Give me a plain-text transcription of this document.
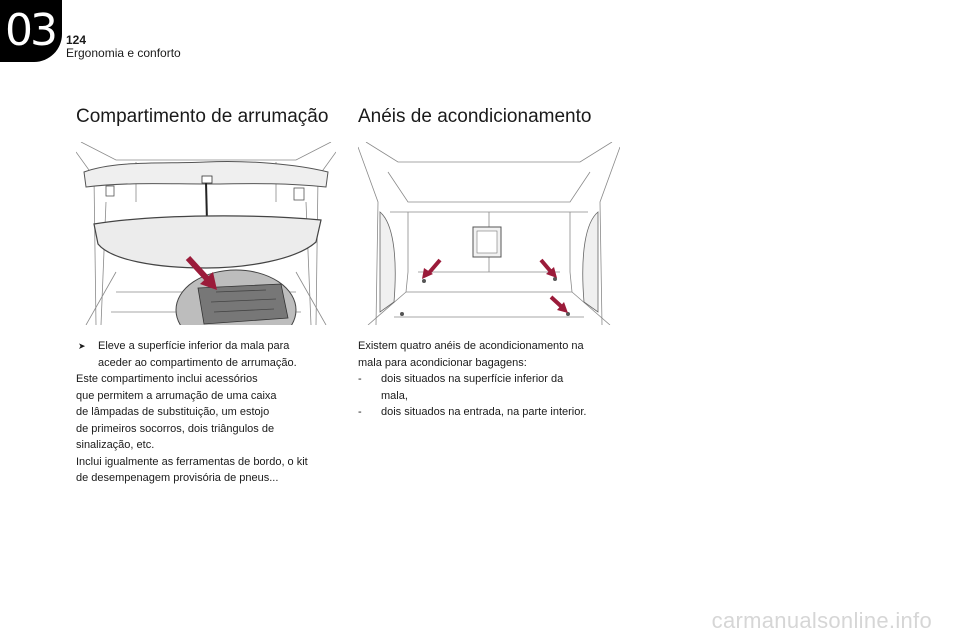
03 124
Ergonomia e conforto
Compartimento de arrumação Anéis de acondicionamento
➤	Eleve a superfície inferior da mala para
aceder ao compartimento de arrumação.
Este compartimento inclui acessórios
que permitem a arrumação de uma caixa
de lâmpadas de substituição, um estojo
de primeiros socorros, dois triângulos de
sinalização, etc.
Inclui igualmente as ferramentas de bordo, o kit
de desempenagem provisória de pneus...
Existem quatro anéis de acondicionamento na
mala para acondicionar bagagens:
-	dois situados na superfície inferior da
mala,
-	dois situados na entrada, na parte interior.
carmanualsonline.info
